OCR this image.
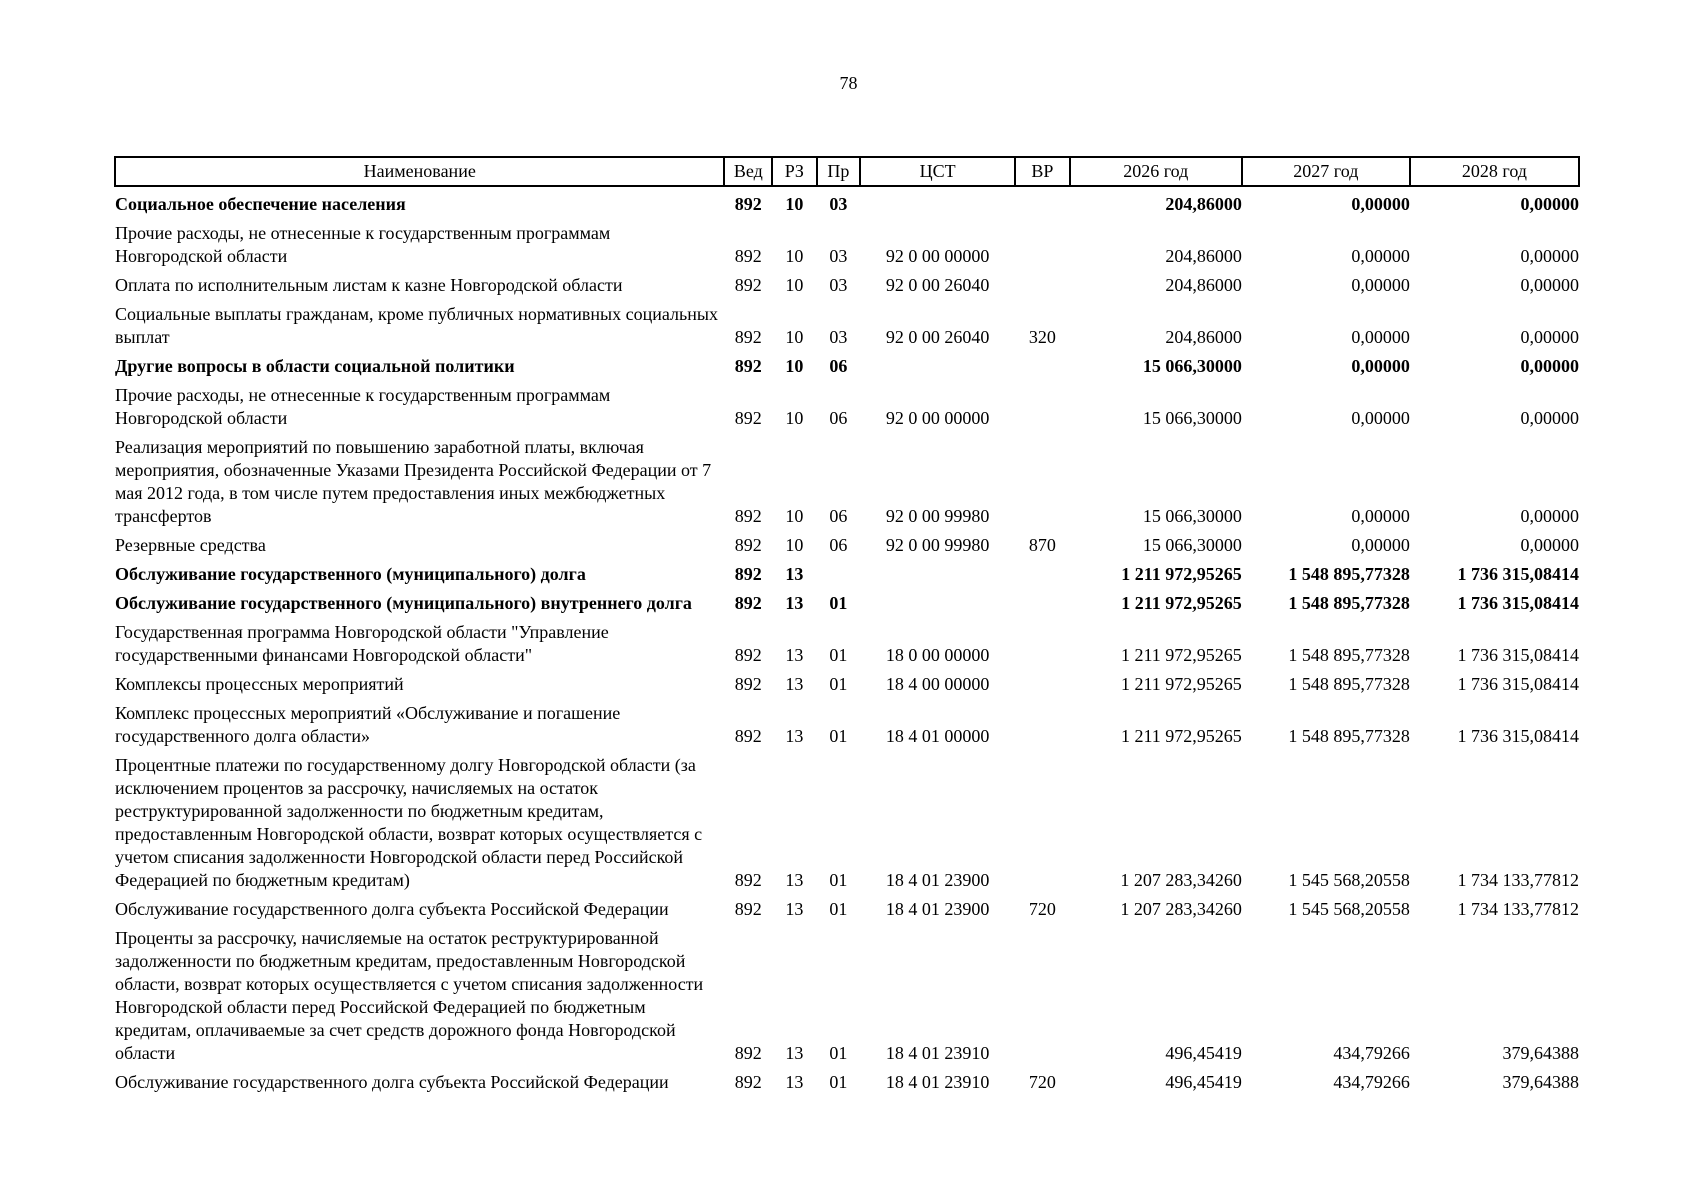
78
Наименование	Вед	РЗ	Пр	ЦСТ	ВР	2026 год	2027 год	2028 год
Социальное обеспечение населения	892	10	03			204,86000	0,00000	0,00000
Прочие расходы, не отнесенные к государственным программам Новгородской области	892	10	03	92 0 00 00000		204,86000	0,00000	0,00000
Оплата по исполнительным листам к казне Новгородской области	892	10	03	92 0 00 26040		204,86000	0,00000	0,00000
Социальные выплаты гражданам, кроме публичных нормативных социальных выплат	892	10	03	92 0 00 26040	320	204,86000	0,00000	0,00000
Другие вопросы в области социальной политики	892	10	06			15 066,30000	0,00000	0,00000
Прочие расходы, не отнесенные к государственным программам Новгородской области	892	10	06	92 0 00 00000		15 066,30000	0,00000	0,00000
Реализация мероприятий по повышению заработной платы, включая мероприятия, обозначенные Указами Президента Российской Федерации от 7 мая 2012 года, в том числе путем предоставления иных межбюджетных трансфертов	892	10	06	92 0 00 99980		15 066,30000	0,00000	0,00000
Резервные средства	892	10	06	92 0 00 99980	870	15 066,30000	0,00000	0,00000
Обслуживание государственного (муниципального) долга	892	13				1 211 972,95265	1 548 895,77328	1 736 315,08414
Обслуживание государственного (муниципального) внутреннего долга	892	13	01			1 211 972,95265	1 548 895,77328	1 736 315,08414
Государственная программа Новгородской области "Управление государственными финансами Новгородской области"	892	13	01	18 0 00 00000		1 211 972,95265	1 548 895,77328	1 736 315,08414
Комплексы процессных мероприятий	892	13	01	18 4 00 00000		1 211 972,95265	1 548 895,77328	1 736 315,08414
Комплекс процессных мероприятий «Обслуживание и погашение государственного долга области»	892	13	01	18 4 01 00000		1 211 972,95265	1 548 895,77328	1 736 315,08414
Процентные платежи по государственному долгу Новгородской области (за исключением процентов за рассрочку, начисляемых на остаток реструктурированной задолженности по бюджетным кредитам, предоставленным Новгородской области, возврат которых осуществляется с учетом списания задолженности Новгородской области перед Российской Федерацией по бюджетным кредитам)	892	13	01	18 4 01 23900		1 207 283,34260	1 545 568,20558	1 734 133,77812
Обслуживание государственного долга субъекта Российской Федерации	892	13	01	18 4 01 23900	720	1 207 283,34260	1 545 568,20558	1 734 133,77812
Проценты за рассрочку, начисляемые на остаток реструктурированной задолженности по бюджетным кредитам, предоставленным Новгородской области, возврат которых осуществляется с учетом списания задолженности Новгородской области перед Российской Федерацией по бюджетным кредитам, оплачиваемые за счет средств дорожного фонда Новгородской области	892	13	01	18 4 01 23910		496,45419	434,79266	379,64388
Обслуживание государственного долга субъекта Российской Федерации	892	13	01	18 4 01 23910	720	496,45419	434,79266	379,64388
